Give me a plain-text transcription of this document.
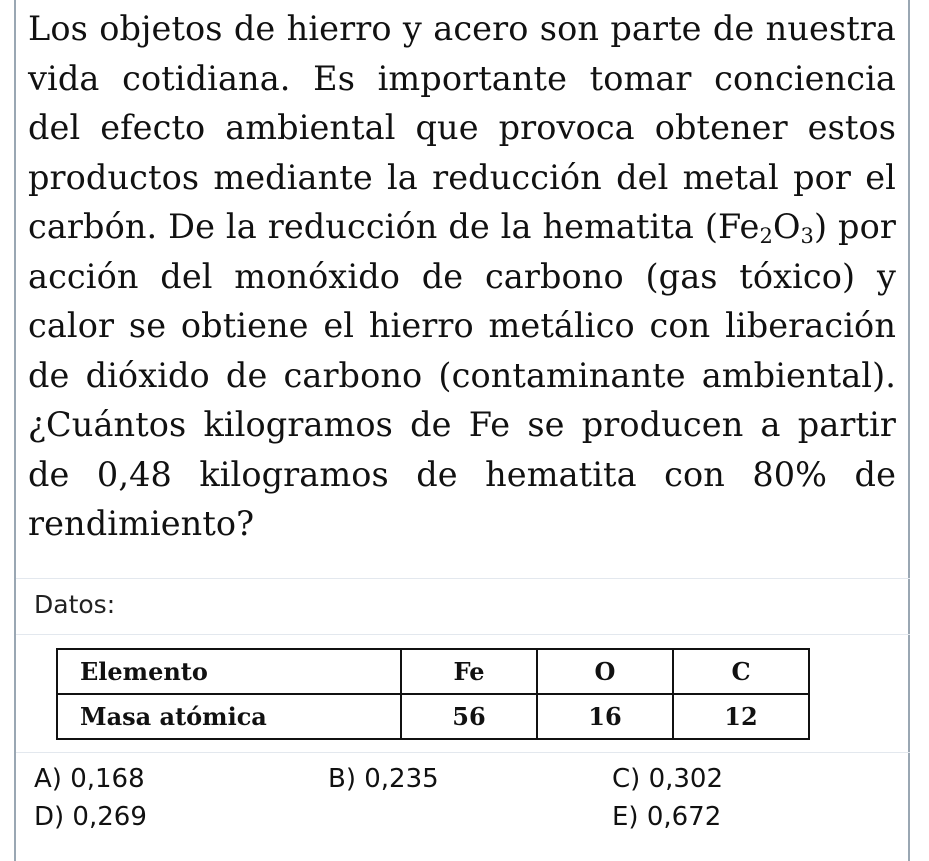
Los objetos de hierro y acero son parte de nuestra vida cotidiana. Es importante tomar conciencia del efecto ambiental que provoca obtener estos productos mediante la reducción del metal por el carbón. De la reducción de la hematita $(Fe_2O_3)$ por acción del monóxido de carbono (gas tóxico) y calor se obtiene el hierro metálico con liberación de dióxido de carbono (contaminante ambiental). ¿Cuántos kilogramos de Fe se producen a partir de 0,48 kilogramos de hematita con 80% de rendimiento?
Datos:
Elemento	Fe	O	C
Masa atómica	56	16	12
A) 0,168	B) 0,235	C) 0,302
D) 0,269	E) 0,672
